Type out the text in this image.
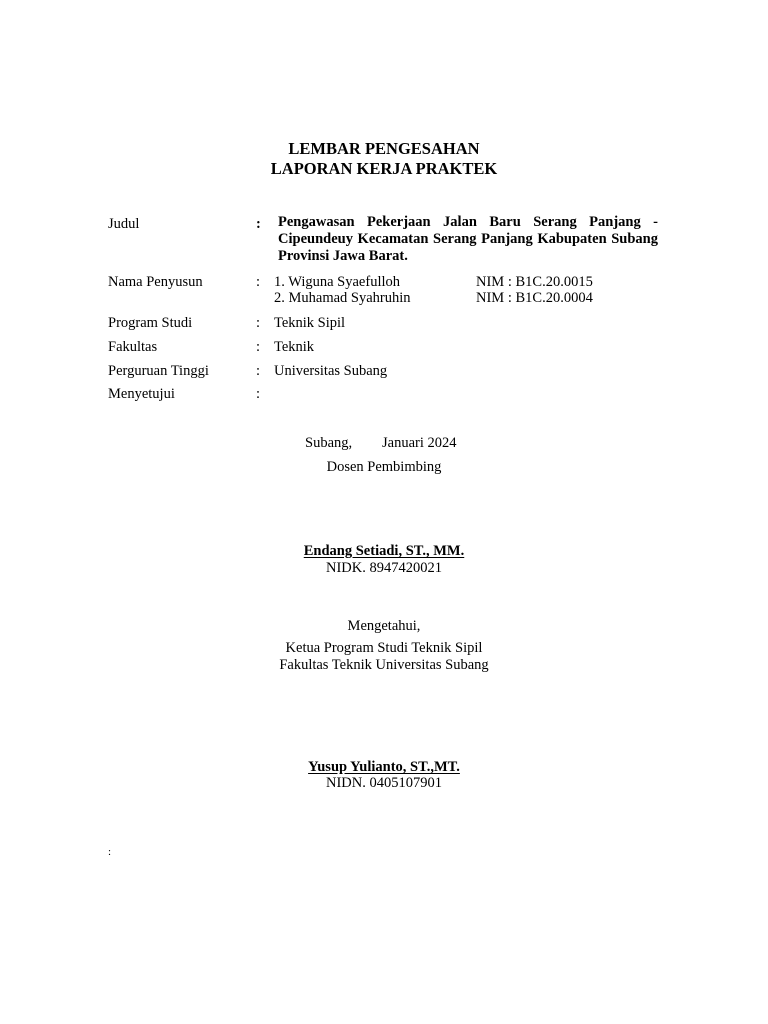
LEMBAR PENGESAHAN
LAPORAN KERJA PRAKTEK
Judul	: Pengawasan Pekerjaan Jalan Baru Serang Panjang - Cipeundeuy Kecamatan Serang Panjang Kabupaten Subang Provinsi Jawa Barat.
Nama Penyusun	: 1. Wiguna Syaefulloh	NIM : B1C.20.0015
2. Muhamad Syahruhin	NIM : B1C.20.0004
Program Studi	: Teknik Sipil
Fakultas	: Teknik
Perguruan Tinggi	: Universitas Subang
Menyetujui	:
Subang, Januari 2024
Dosen Pembimbing
Endang Setiadi, ST., MM.
NIDK. 8947420021
Mengetahui,
Ketua Program Studi Teknik Sipil
Fakultas Teknik Universitas Subang
Yusup Yulianto, ST.,MT.
NIDN. 0405107901
:
